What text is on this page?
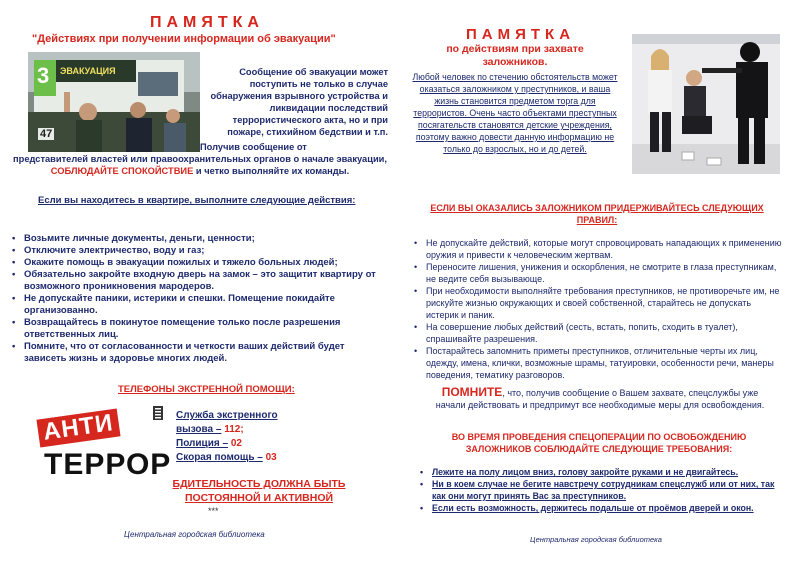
ПАМЯТКА
"Действиях при получении информации об эвакуации"
3 ЭВАКУАЦИЯ
47
Сообщение об эвакуации может поступить не только в случае обнаружения взрывного устройства и ликвидации последствий террористического акта, но и при пожаре, стихийном бедствии и т.п.
Получив сообщение от
представителей властей или правоохранительных органов о начале эвакуации, СОБЛЮДАЙТЕ СПОКОЙСТВИЕ и четко выполняйте их команды.
Если вы находитесь в квартире, выполните следующие действия:
• Возьмите личные документы, деньги, ценности;
• Отключите электричество, воду и газ;
• Окажите помощь в эвакуации пожилых и тяжело больных людей;
• Обязательно закройте входную дверь на замок – это защитит квартиру от возможного проникновения мародеров.
• Не допускайте паники, истерики и спешки. Помещение покидайте организованно.
• Возвращайтесь в покинутое помещение только после разрешения ответственных лиц.
• Помните, что от согласованности и четкости ваших действий будет зависеть жизнь и здоровье многих людей.
ТЕЛЕФОНЫ ЭКСТРЕННОЙ ПОМОЩИ:
АНТИ
ТЕРРОР
Служба экстренного вызова – 112;
Полиция – 02
Скорая помощь – 03
БДИТЕЛЬНОСТЬ ДОЛЖНА БЫТЬ ПОСТОЯННОЙ И АКТИВНОЙ
***
Центральная городская библиотека
ПАМЯТКА
по действиям при захвате заложников.
Любой человек по стечению обстоятельств может оказаться заложником у преступников, и ваша жизнь становится предметом торга для террористов. Очень часто объектами преступных посягательств становятся детские учреждения, поэтому важно довести данную информацию не только до взрослых, но и до детей.
ЕСЛИ ВЫ ОКАЗАЛИСЬ ЗАЛОЖНИКОМ ПРИДЕРЖИВАЙТЕСЬ СЛЕДУЮЩИХ ПРАВИЛ:
• Не допускайте действий, которые могут спровоцировать нападающих к применению оружия и привести к человеческим жертвам.
• Переносите лишения, унижения и оскорбления, не смотрите в глаза преступникам, не ведите себя вызывающе.
• При необходимости выполняйте требования преступников, не противоречьте им, не рискуйте жизнью окружающих и своей собственной, старайтесь не допускать истерик и паник.
• На совершение любых действий (сесть, встать, попить, сходить в туалет), спрашивайте разрешения.
• Постарайтесь запомнить приметы преступников, отличительные черты их лиц, одежду, имена, клички, возможные шрамы, татуировки, особенности речи, манеры поведения, тематику разговоров.
ПОМНИТЕ, что, получив сообщение о Вашем захвате, спецслужбы уже начали действовать и предпримут все необходимые меры для освобождения.
ВО ВРЕМЯ ПРОВЕДЕНИЯ СПЕЦОПЕРАЦИИ ПО ОСВОБОЖДЕНИЮ ЗАЛОЖНИКОВ СОБЛЮДАЙТЕ СЛЕДУЮЩИЕ ТРЕБОВАНИЯ:
• Лежите на полу лицом вниз, голову закройте руками и не двигайтесь.
• Ни в коем случае не бегите навстречу сотрудникам спецслужб или от них, так как они могут принять Вас за преступников.
• Если есть возможность, держитесь подальше от проёмов дверей и окон.
Центральная городская библиотека
